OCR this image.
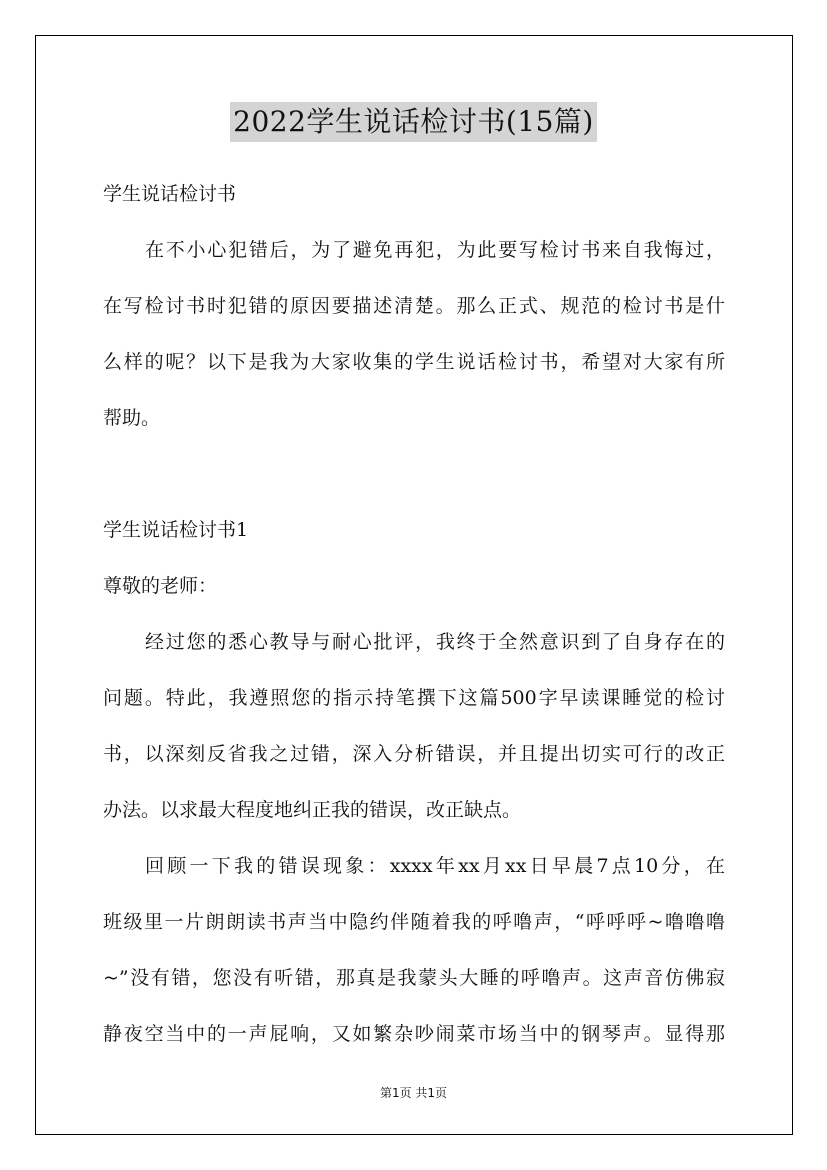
2022学生说话检讨书(15篇)
学生说话检讨书
在不小心犯错后，为了避免再犯，为此要写检讨书来自我悔过，
在写检讨书时犯错的原因要描述清楚。那么正式、规范的检讨书是什
么样的呢？以下是我为大家收集的学生说话检讨书，希望对大家有所
帮助。
学生说话检讨书1
尊敬的老师：
经过您的悉心教导与耐心批评，我终于全然意识到了自身存在的
问题。特此，我遵照您的指示持笔撰下这篇500字早读课睡觉的检讨
书，以深刻反省我之过错，深入分析错误，并且提出切实可行的改正
办法。以求最大程度地纠正我的错误，改正缺点。
回顾一下我的错误现象：xxxx年xx月xx日早晨7点10分，在
班级里一片朗朗读书声当中隐约伴随着我的呼噜声，“呼呼呼~噜噜噜
~”没有错，您没有听错，那真是我蒙头大睡的呼噜声。这声音仿佛寂
静夜空当中的一声屁响，又如繁杂吵闹菜市场当中的钢琴声。显得那
第1页 共1页
